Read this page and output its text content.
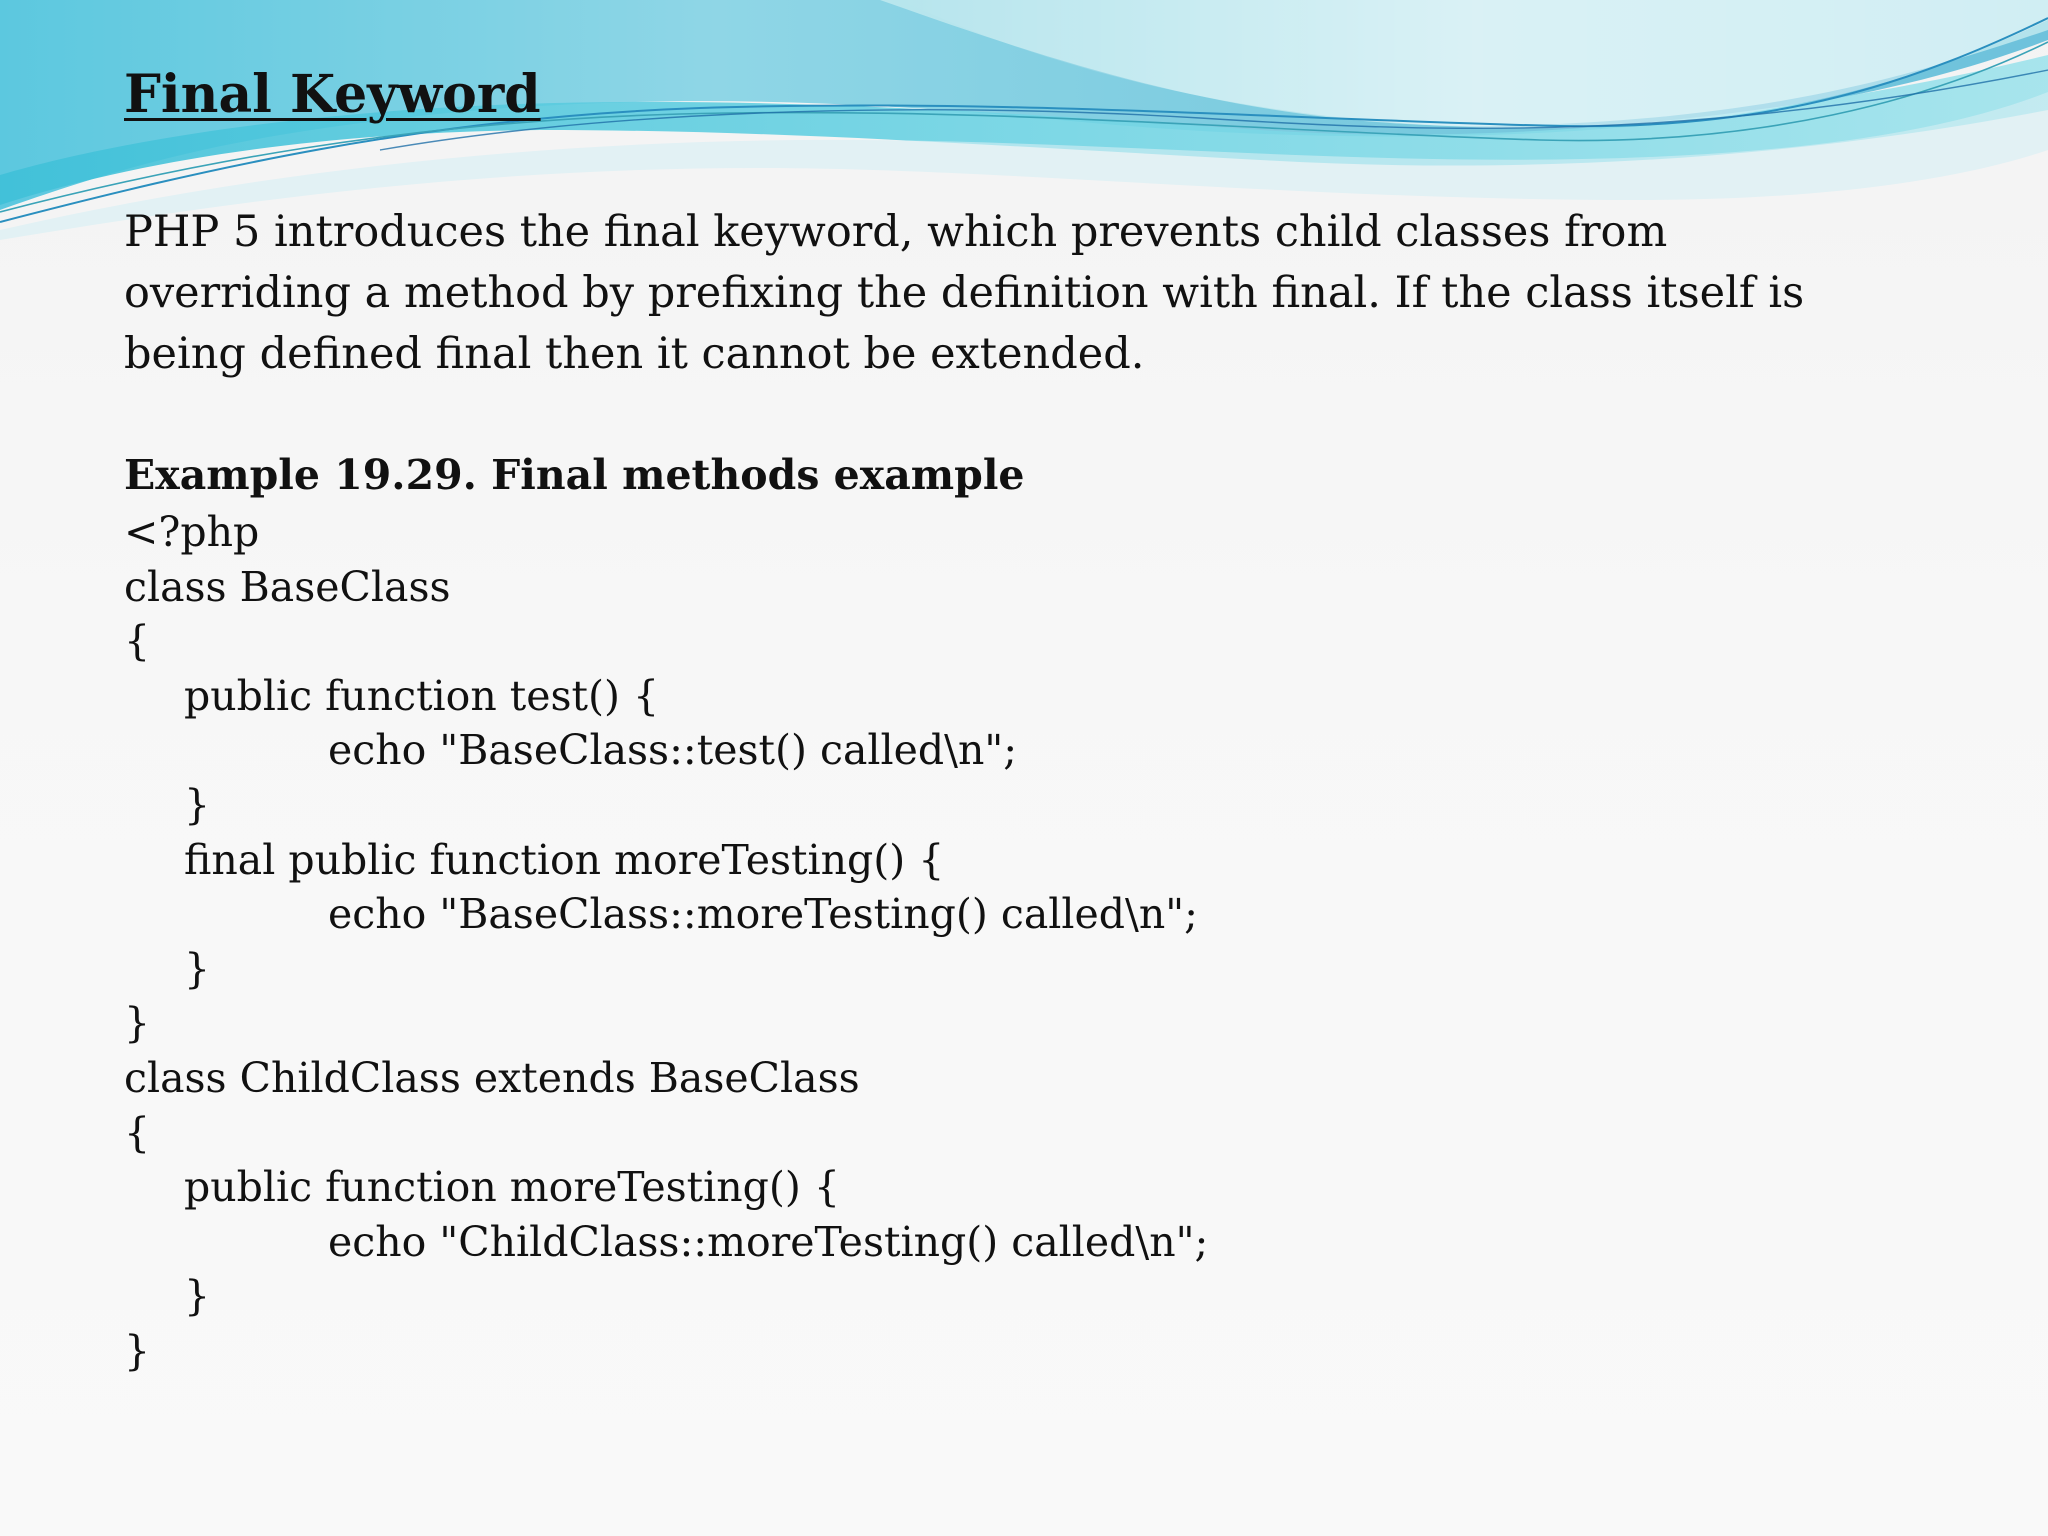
Final Keyword

PHP 5 introduces the final keyword, which prevents child classes from
overriding a method by prefixing the definition with final. If the class itself is
being defined final then it cannot be extended.

Example 19.29. Final methods example

<?php
class BaseClass
{
public function test() {
echo "BaseClass::test() called\n";
}
final public function moreTesting() {
echo "BaseClass::moreTesting() called\n";
}
}
class ChildClass extends BaseClass
{
public function moreTesting() {
echo "ChildClass::moreTesting() called\n";
}
}
